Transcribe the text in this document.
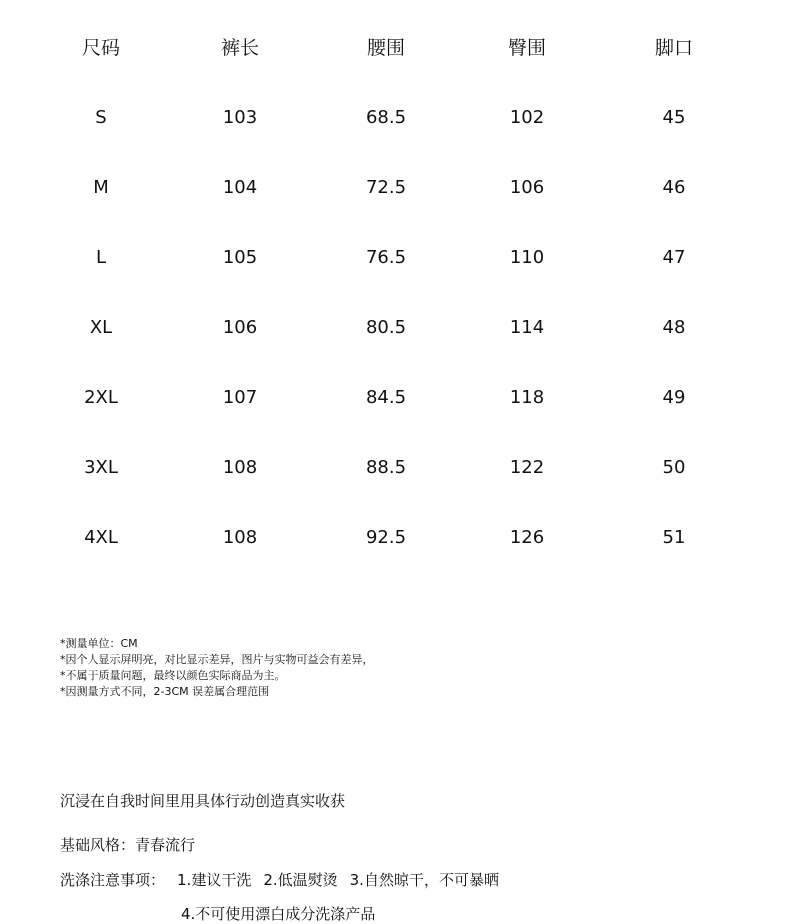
尺码	裤长	腰围	臀围	脚口
S	103	68.5	102	45
M	104	72.5	106	46
L	105	76.5	110	47
XL	106	80.5	114	48
2XL	107	84.5	118	49
3XL	108	88.5	122	50
4XL	108	92.5	126	51
*测量单位：CM
*因个人显示屏明亮，对比显示差异，图片与实物可益会有差异，
*不属于质量问题，最终以颜色实际商品为主。
*因测量方式不同，2-3CM 误差属合理范围
沉浸在自我时间里用具体行动创造真实收获
基础风格：青春流行
洗涤注意事项： 1.建议干洗 2.低温熨烫 3.自然晾干，不可暴晒
4.不可使用漂白成分洗涤产品
